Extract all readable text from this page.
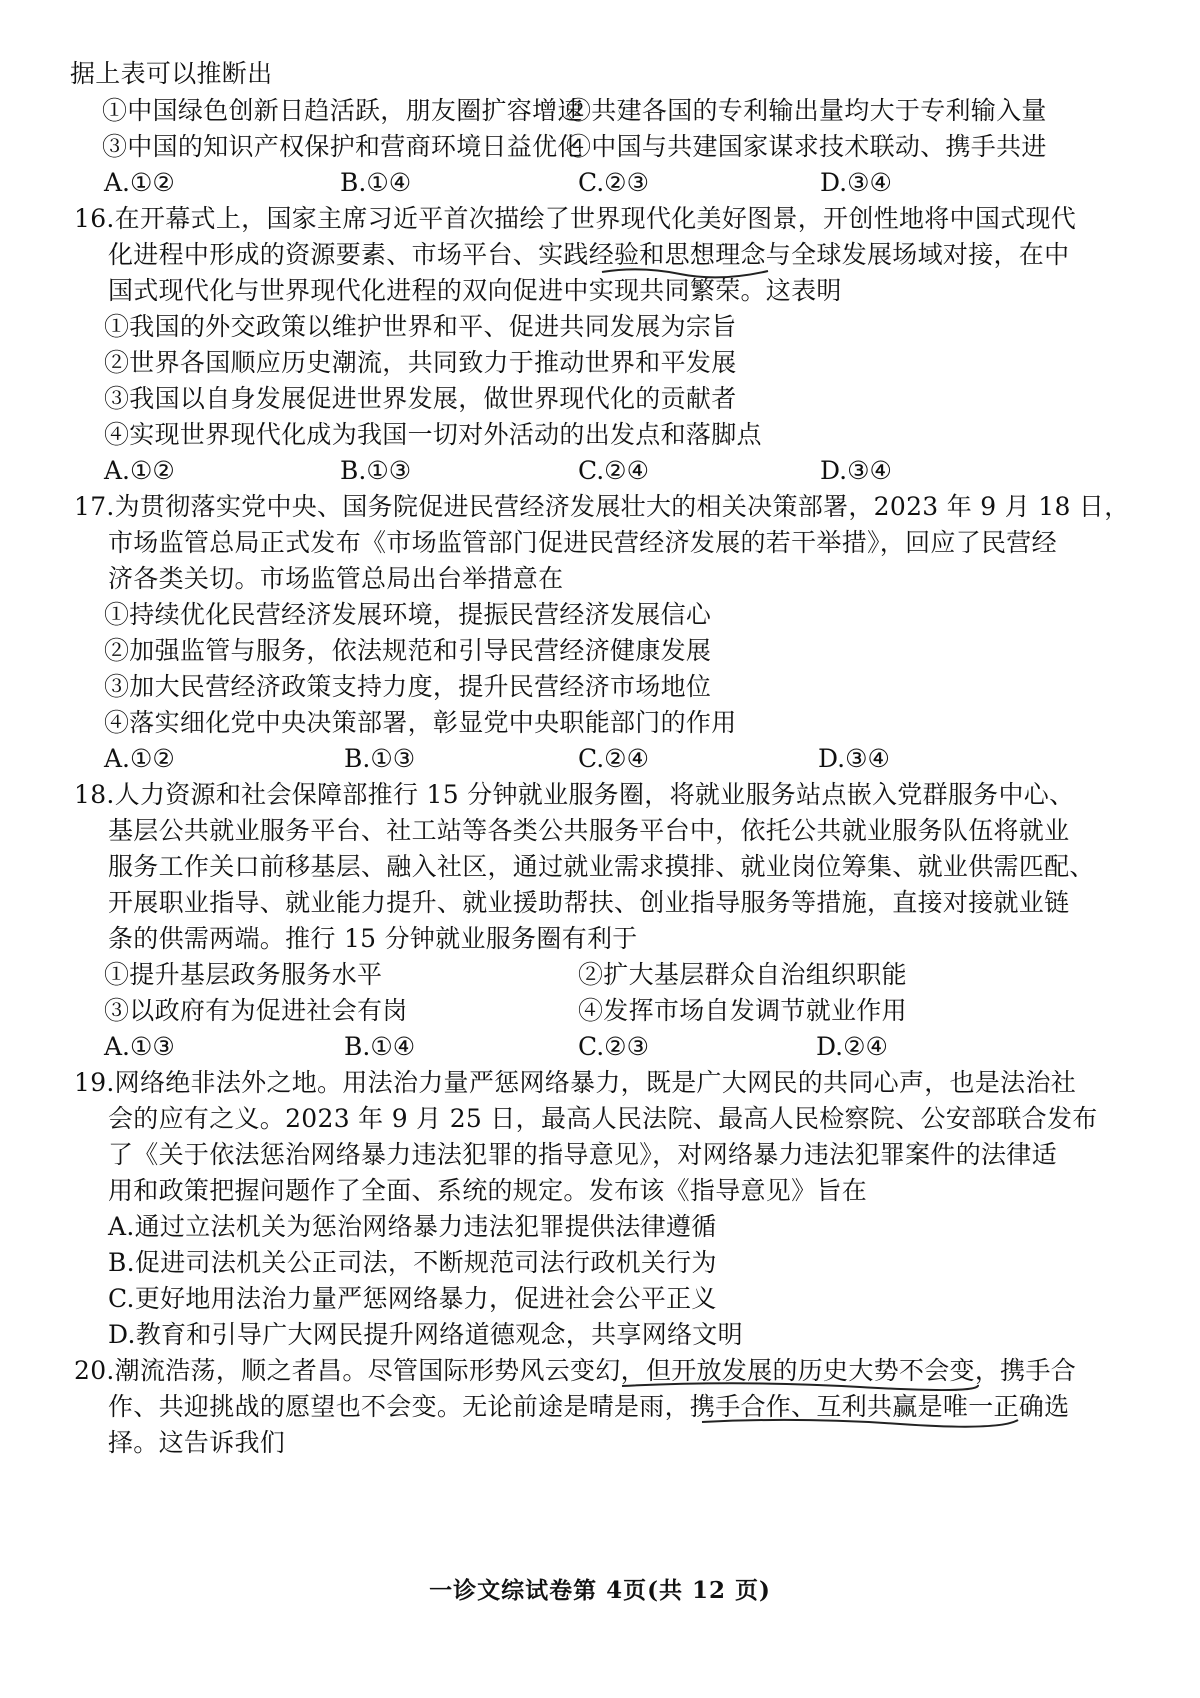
据上表可以推断出
①中国绿色创新日趋活跃，朋友圈扩容增速
②共建各国的专利输出量均大于专利输入量
③中国的知识产权保护和营商环境日益优化
④中国与共建国家谋求技术联动、携手共进
A.①②	B.①④	C.②③	D.③④
16.在开幕式上，国家主席习近平首次描绘了世界现代化美好图景，开创性地将中国式现代
化进程中形成的资源要素、市场平台、实践经验和思想理念与全球发展场域对接，在中
国式现代化与世界现代化进程的双向促进中实现共同繁荣。这表明
①我国的外交政策以维护世界和平、促进共同发展为宗旨
②世界各国顺应历史潮流，共同致力于推动世界和平发展
③我国以自身发展促进世界发展，做世界现代化的贡献者
④实现世界现代化成为我国一切对外活动的出发点和落脚点
A.①②	B.①③	C.②④	D.③④
17.为贯彻落实党中央、国务院促进民营经济发展壮大的相关决策部署，2023 年 9 月 18 日，
市场监管总局正式发布《市场监管部门促进民营经济发展的若干举措》，回应了民营经
济各类关切。市场监管总局出台举措意在
①持续优化民营经济发展环境，提振民营经济发展信心
②加强监管与服务，依法规范和引导民营经济健康发展
③加大民营经济政策支持力度，提升民营经济市场地位
④落实细化党中央决策部署，彰显党中央职能部门的作用
A.①②	B.①③	C.②④	D.③④
18.人力资源和社会保障部推行 15 分钟就业服务圈，将就业服务站点嵌入党群服务中心、
基层公共就业服务平台、社工站等各类公共服务平台中，依托公共就业服务队伍将就业
服务工作关口前移基层、融入社区，通过就业需求摸排、就业岗位筹集、就业供需匹配、
开展职业指导、就业能力提升、就业援助帮扶、创业指导服务等措施，直接对接就业链
条的供需两端。推行 15 分钟就业服务圈有利于
①提升基层政务服务水平	②扩大基层群众自治组织职能
③以政府有为促进社会有岗	④发挥市场自发调节就业作用
A.①③	B.①④	C.②③	D.②④
19.网络绝非法外之地。用法治力量严惩网络暴力，既是广大网民的共同心声，也是法治社
会的应有之义。2023 年 9 月 25 日，最高人民法院、最高人民检察院、公安部联合发布
了《关于依法惩治网络暴力违法犯罪的指导意见》，对网络暴力违法犯罪案件的法律适
用和政策把握问题作了全面、系统的规定。发布该《指导意见》旨在
A.通过立法机关为惩治网络暴力违法犯罪提供法律遵循
B.促进司法机关公正司法，不断规范司法行政机关行为
C.更好地用法治力量严惩网络暴力，促进社会公平正义
D.教育和引导广大网民提升网络道德观念，共享网络文明
20.潮流浩荡，顺之者昌。尽管国际形势风云变幻，但开放发展的历史大势不会变，携手合
作、共迎挑战的愿望也不会变。无论前途是晴是雨，携手合作、互利共赢是唯一正确选
择。这告诉我们
一诊文综试卷第 4页(共 12 页)
